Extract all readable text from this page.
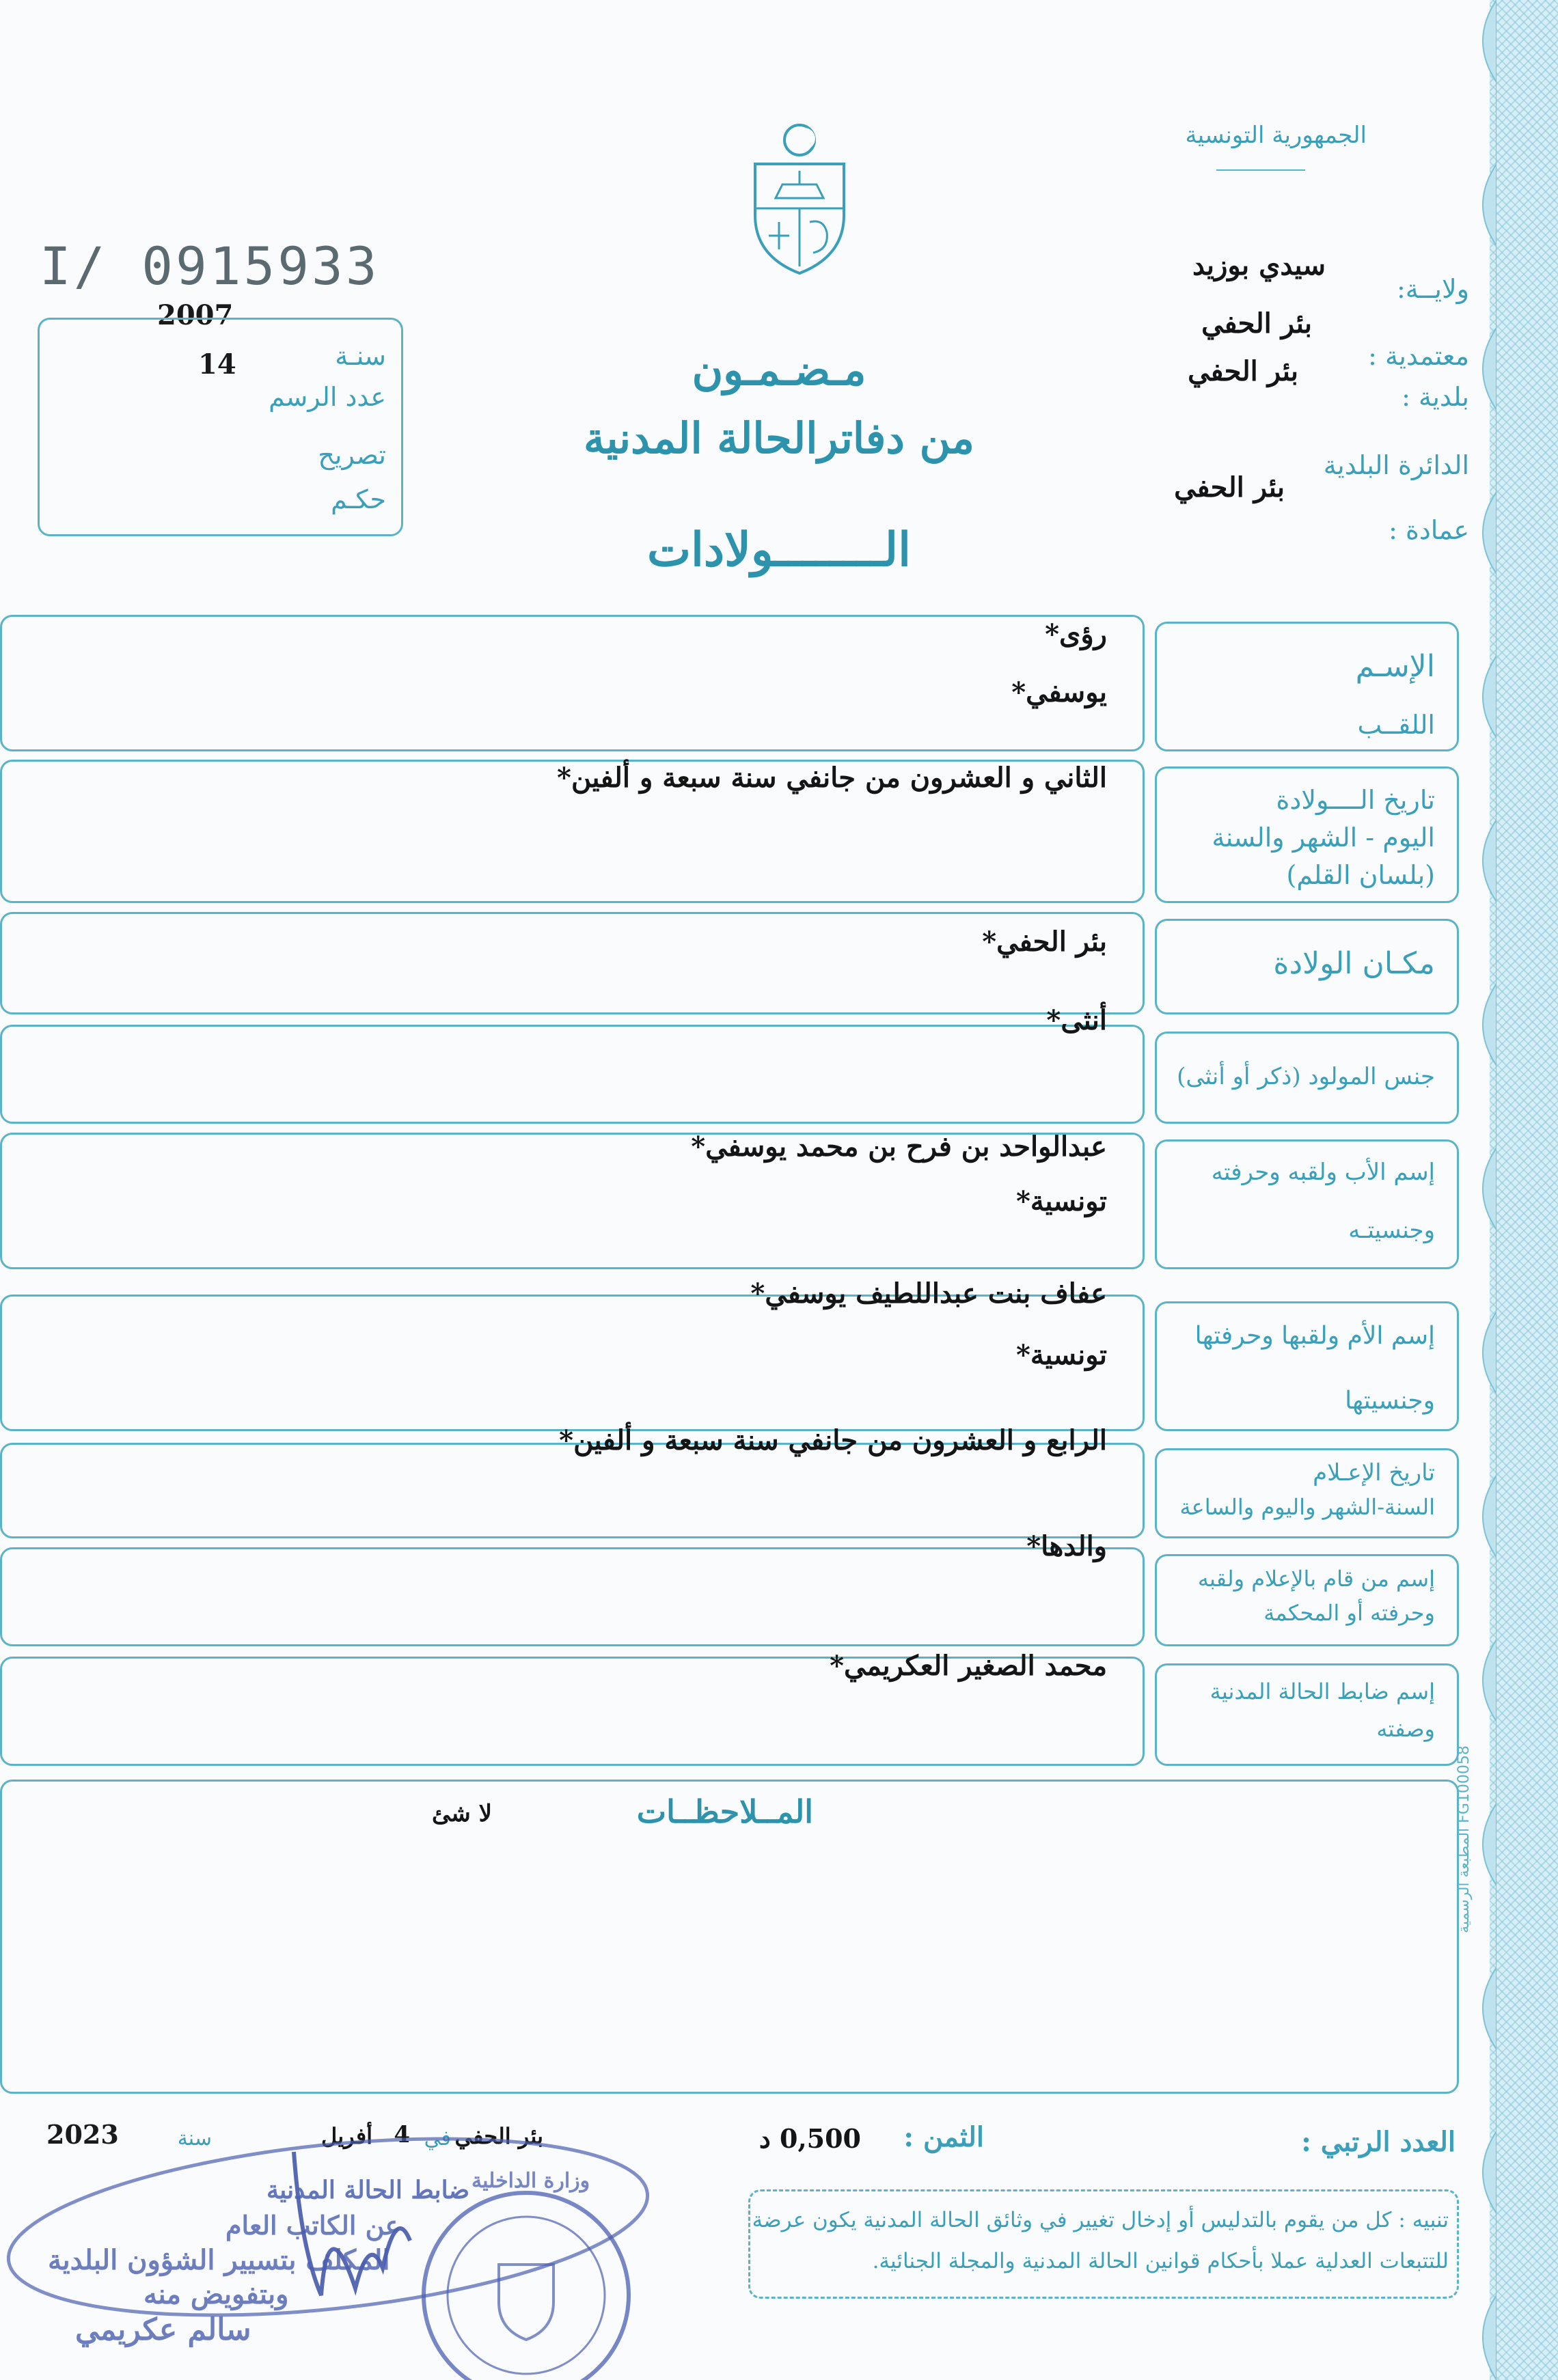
الجمهورية التونسية
I/ 0915933
2007
14	سنـة
عدد الرسم
تصريح
حكـم
مـضـمـون
من دفاترالحالة المدنية
الــــــــولادات
ولايــة:
سيدي بوزيد
بئر الحفي
معتمدية :
بئر الحفي
بلدية :
الدائرة البلدية
بئر الحفي
عمادة :
رؤى*
يوسفي*
الإسـم
اللقــب
الثاني و العشرون من جانفي سنة سبعة و ألفين*
تاريخ الــــولادة
اليوم - الشهر والسنة
(بلسان القلم)
بئر الحفي*
مكـان الولادة
أنثى*
جنس المولود (ذكر أو أنثى)
عبدالواحد بن فرح بن محمد يوسفي*
تونسية*
إسم الأب ولقبه وحرفته
وجنسيتـه
عفاف بنت عبداللطيف يوسفي*
تونسية*
إسم الأم ولقبها وحرفتها
وجنسيتها
الرابع و العشرون من جانفي سنة سبعة و ألفين*
تاريخ الإعـلام
السنة-الشهر واليوم والساعة
والدها*
إسم من قام بالإعلام ولقبه
وحرفته أو المحكمة
محمد الصغير العكريمي*
إسم ضابط الحالة المدنية
وصفته
المــلاحظــات
لا شئ
المطبعة الرسمية FG100058
العدد الرتبي :
الثمن :
0,500 د
بئر الحفي
في
4
أفريل
سنة
2023
تنبيه : كل من يقوم بالتدليس أو إدخال تغيير في وثائق الحالة المدنية يكون عرضة
للتتبعات العدلية عملا بأحكام قوانين الحالة المدنية والمجلة الجنائية.
ضابط الحالة المدنية
عن الكاتب العام
المكلف بتسيير الشؤون البلدية
وبتفويض منه
سالم عكريمي
وزارة الداخلية
